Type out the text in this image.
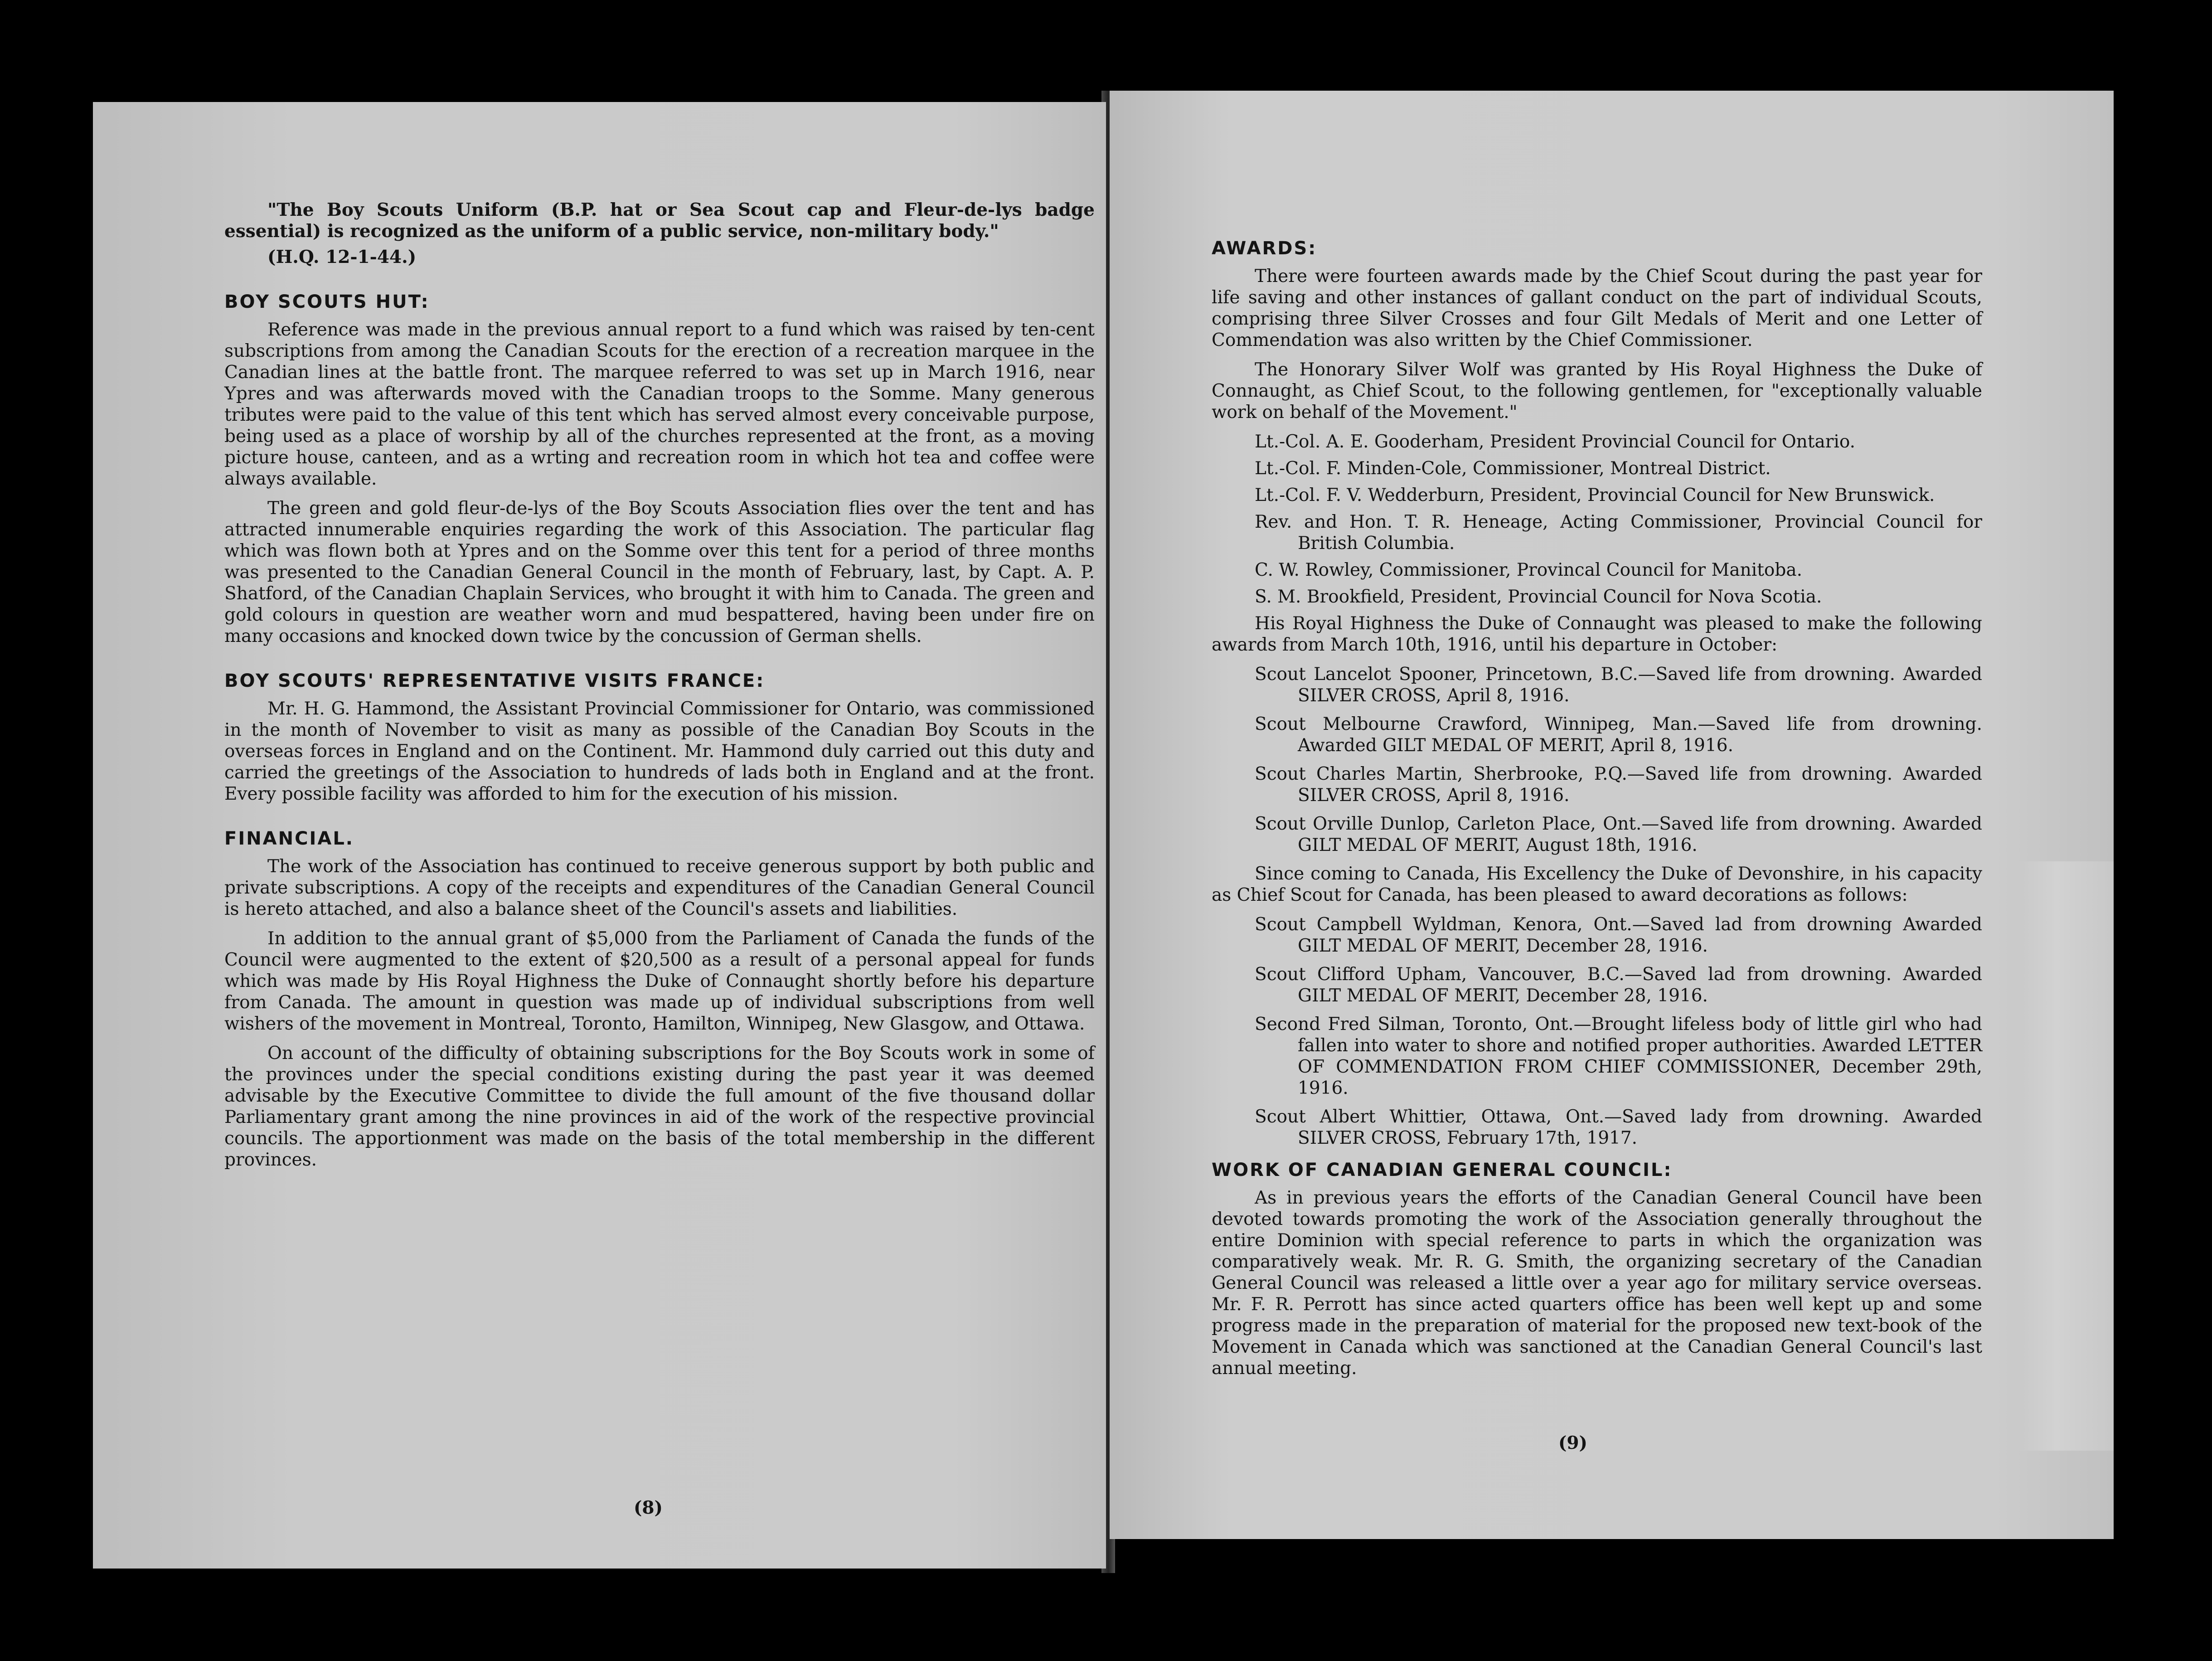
"The Boy Scouts Uniform (B.P. hat or Sea Scout cap and Fleur-de-lys badge essential) is recognized as the uniform of a public service, non-military body."
(H.Q. 12-1-44.)
BOY SCOUTS HUT:

Reference was made in the previous annual report to a fund which was raised by ten-cent subscriptions from among the Canadian Scouts for the erection of a recreation marquee in the Canadian lines at the battle front. The marquee referred to was set up in March 1916, near Ypres and was afterwards moved with the Canadian troops to the Somme. Many generous tributes were paid to the value of this tent which has served almost every conceivable purpose, being used as a place of worship by all of the churches represented at the front, as a moving picture house, canteen, and as a wrting and recreation room in which hot tea and coffee were always available.

The green and gold fleur-de-lys of the Boy Scouts Association flies over the tent and has attracted innumerable enquiries regarding the work of this Association. The particular flag which was flown both at Ypres and on the Somme over this tent for a period of three months was presented to the Canadian General Council in the month of February, last, by Capt. A. P. Shatford, of the Canadian Chaplain Services, who brought it with him to Canada. The green and gold colours in question are weather worn and mud bespattered, having been under fire on many occasions and knocked down twice by the concussion of German shells.

BOY SCOUTS' REPRESENTATIVE VISITS FRANCE:

Mr. H. G. Hammond, the Assistant Provincial Commissioner for Ontario, was commissioned in the month of November to visit as many as possible of the Canadian Boy Scouts in the overseas forces in England and on the Continent. Mr. Hammond duly carried out this duty and carried the greetings of the Association to hundreds of lads both in England and at the front. Every possible facility was afforded to him for the execution of his mission.

FINANCIAL.

The work of the Association has continued to receive generous support by both public and private subscriptions. A copy of the receipts and expenditures of the Canadian General Council is hereto attached, and also a balance sheet of the Council's assets and liabilities.

In addition to the annual grant of $5,000 from the Parliament of Canada the funds of the Council were augmented to the extent of $20,500 as a result of a personal appeal for funds which was made by His Royal Highness the Duke of Connaught shortly before his departure from Canada. The amount in question was made up of individual subscriptions from well wishers of the movement in Montreal, Toronto, Hamilton, Winnipeg, New Glasgow, and Ottawa.

On account of the difficulty of obtaining subscriptions for the Boy Scouts work in some of the provinces under the special conditions existing during the past year it was deemed advisable by the Executive Committee to divide the full amount of the five thousand dollar Parliamentary grant among the nine provinces in aid of the work of the respective provincial councils. The apportionment was made on the basis of the total membership in the different provinces.

(8)
AWARDS:

There were fourteen awards made by the Chief Scout during the past year for life saving and other instances of gallant conduct on the part of individual Scouts, comprising three Silver Crosses and four Gilt Medals of Merit and one Letter of Commendation was also written by the Chief Commissioner.

The Honorary Silver Wolf was granted by His Royal Highness the Duke of Connaught, as Chief Scout, to the following gentlemen, for "exceptionally valuable work on behalf of the Movement."

Lt.-Col. A. E. Gooderham, President Provincial Council for Ontario.
Lt.-Col. F. Minden-Cole, Commissioner, Montreal District.
Lt.-Col. F. V. Wedderburn, President, Provincial Council for New Brunswick.
Rev. and Hon. T. R. Heneage, Acting Commissioner, Provincial Council for British Columbia.
C. W. Rowley, Commissioner, Provincal Council for Manitoba.
S. M. Brookfield, President, Provincial Council for Nova Scotia.

His Royal Highness the Duke of Connaught was pleased to make the following awards from March 10th, 1916, until his departure in October:

Scout Lancelot Spooner, Princetown, B.C.—Saved life from drowning. Awarded SILVER CROSS, April 8, 1916.
Scout Melbourne Crawford, Winnipeg, Man.—Saved life from drowning. Awarded GILT MEDAL OF MERIT, April 8, 1916.
Scout Charles Martin, Sherbrooke, P.Q.—Saved life from drowning. Awarded SILVER CROSS, April 8, 1916.
Scout Orville Dunlop, Carleton Place, Ont.—Saved life from drowning. Awarded GILT MEDAL OF MERIT, August 18th, 1916.

Since coming to Canada, His Excellency the Duke of Devonshire, in his capacity as Chief Scout for Canada, has been pleased to award decorations as follows:

Scout Campbell Wyldman, Kenora, Ont.—Saved lad from drowning Awarded GILT MEDAL OF MERIT, December 28, 1916.
Scout Clifford Upham, Vancouver, B.C.—Saved lad from drowning. Awarded GILT MEDAL OF MERIT, December 28, 1916.
Second Fred Silman, Toronto, Ont.—Brought lifeless body of little girl who had fallen into water to shore and notified proper authorities. Awarded LETTER OF COMMENDATION FROM CHIEF COMMISSIONER, December 29th, 1916.
Scout Albert Whittier, Ottawa, Ont.—Saved lady from drowning. Awarded SILVER CROSS, February 17th, 1917.
WORK OF CANADIAN GENERAL COUNCIL:

As in previous years the efforts of the Canadian General Council have been devoted towards promoting the work of the Association generally throughout the entire Dominion with special reference to parts in which the organization was comparatively weak. Mr. R. G. Smith, the organizing secretary of the Canadian General Council was released a little over a year ago for military service overseas. Mr. F. R. Perrott has since acted quarters office has been well kept up and some progress made in the preparation of material for the proposed new text-book of the Movement in Canada which was sanctioned at the Canadian General Council's last annual meeting.

(9)
